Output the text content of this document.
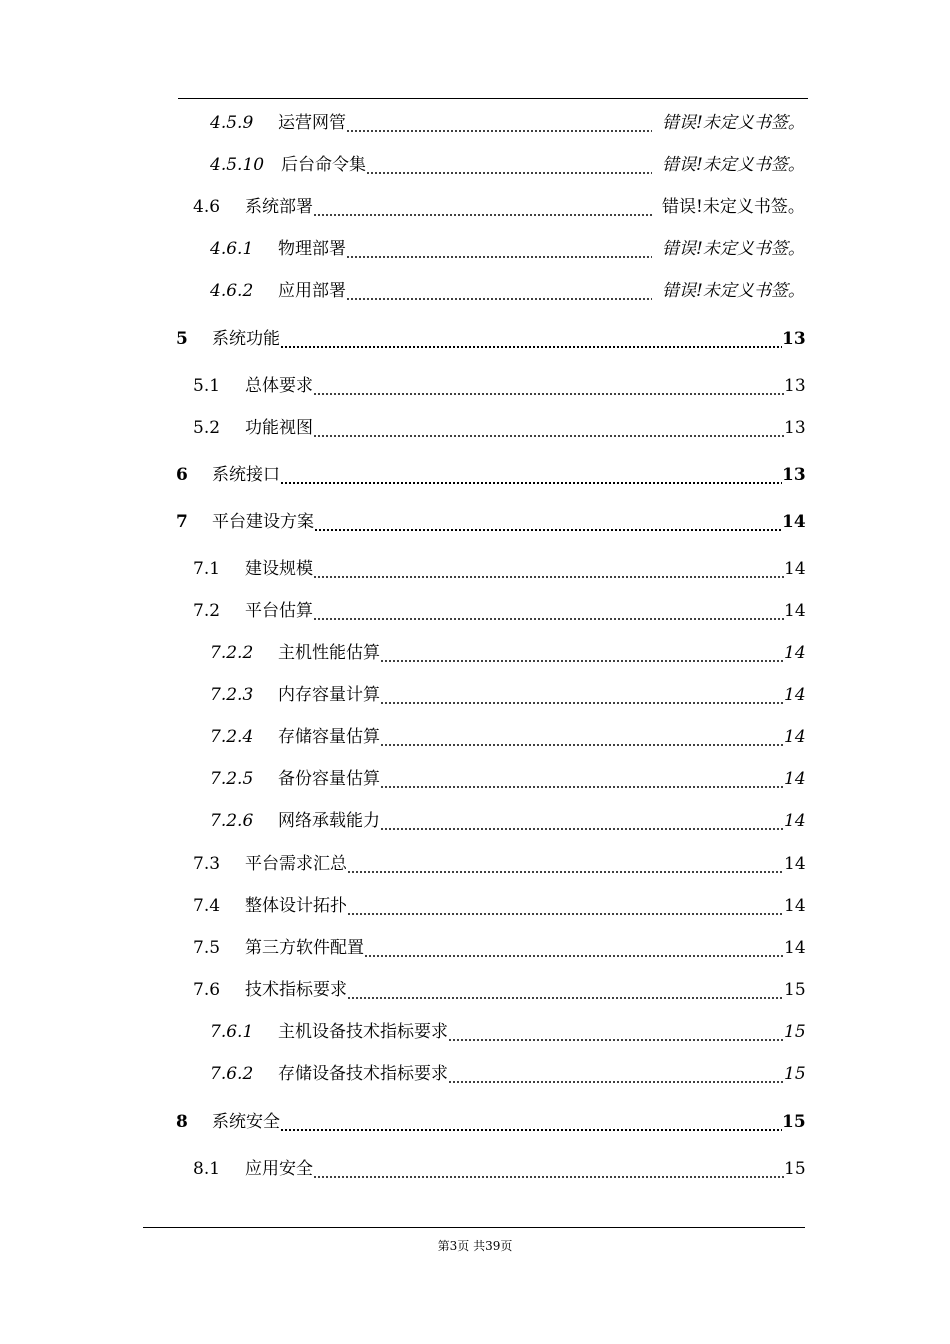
4.5.9 运营网管	错误!未定义书签。
4.5.10 后台命令集	错误!未定义书签。
4.6 系统部署	错误!未定义书签。
4.6.1 物理部署	错误!未定义书签。
4.6.2 应用部署	错误!未定义书签。
5 系统功能	13
5.1 总体要求	13
5.2 功能视图	13
6 系统接口	13
7 平台建设方案	14
7.1 建设规模	14
7.2 平台估算	14
7.2.2 主机性能估算	14
7.2.3 内存容量计算	14
7.2.4 存储容量估算	14
7.2.5 备份容量估算	14
7.2.6 网络承载能力	14
7.3 平台需求汇总	14
7.4 整体设计拓扑	14
7.5 第三方软件配置	14
7.6 技术指标要求	15
7.6.1 主机设备技术指标要求	15
7.6.2 存储设备技术指标要求	15
8 系统安全	15
8.1 应用安全	15
第3页 共39页
